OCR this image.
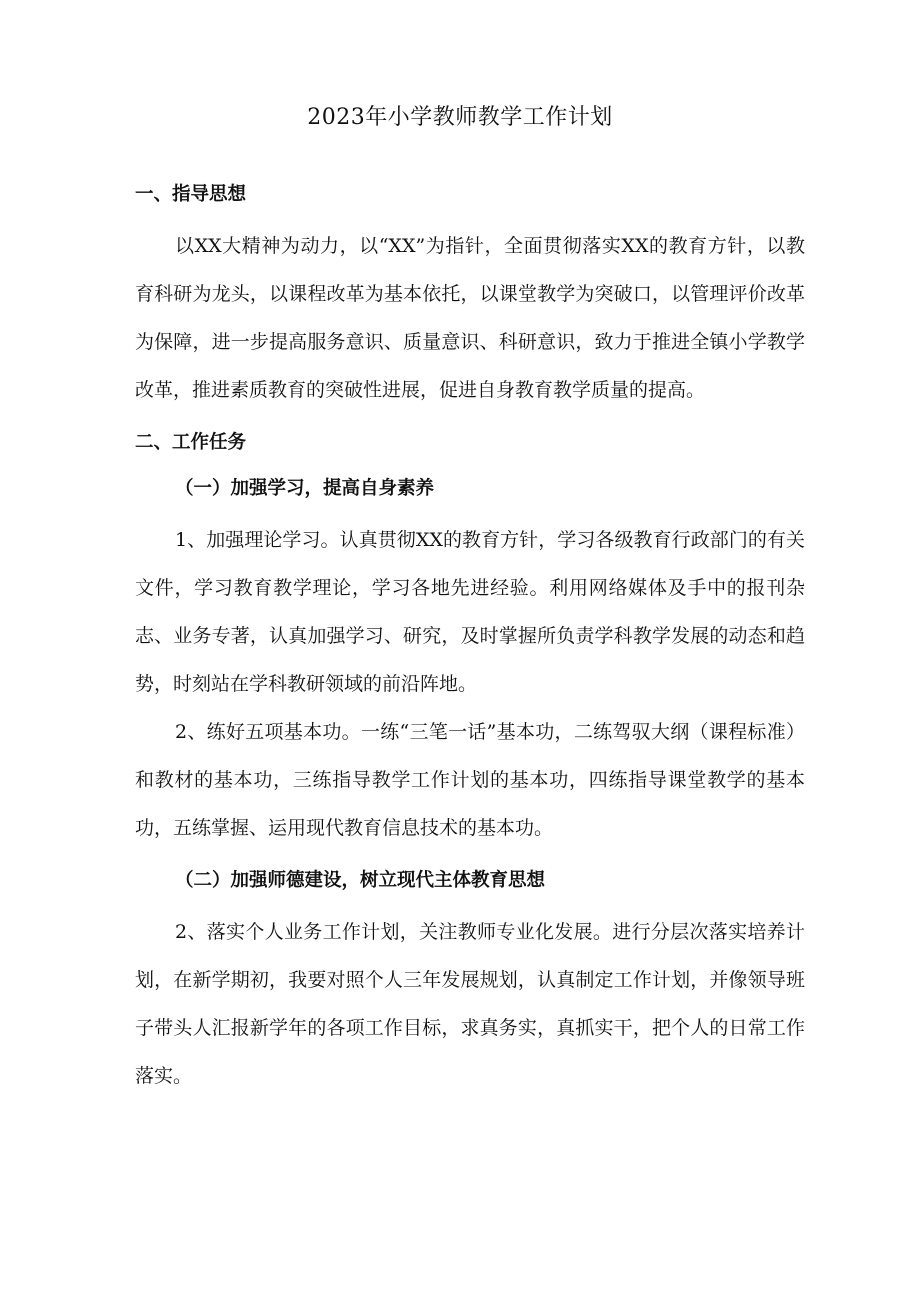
2023年小学教师教学工作计划
一、指导思想

以XX大精神为动力，以“XX”为指针，全面贯彻落实XX的教育方针，以教育科研为龙头，以课程改革为基本依托，以课堂教学为突破口，以管理评价改革为保障，进一步提高服务意识、质量意识、科研意识，致力于推进全镇小学教学改革，推进素质教育的突破性进展，促进自身教育教学质量的提高。

二、工作任务
（一）加强学习，提高自身素养

1、加强理论学习。认真贯彻XX的教育方针，学习各级教育行政部门的有关文件，学习教育教学理论，学习各地先进经验。利用网络媒体及手中的报刊杂志、业务专著，认真加强学习、研究，及时掌握所负责学科教学发展的动态和趋势，时刻站在学科教研领域的前沿阵地。

2、练好五项基本功。一练“三笔一话”基本功，二练驾驭大纲（课程标准）和教材的基本功，三练指导教学工作计划的基本功，四练指导课堂教学的基本功，五练掌握、运用现代教育信息技术的基本功。

（二）加强师德建设，树立现代主体教育思想

2、落实个人业务工作计划，关注教师专业化发展。进行分层次落实培养计划，在新学期初，我要对照个人三年发展规划，认真制定工作计划，并像领导班子带头人汇报新学年的各项工作目标，求真务实，真抓实干，把个人的日常工作落实。
